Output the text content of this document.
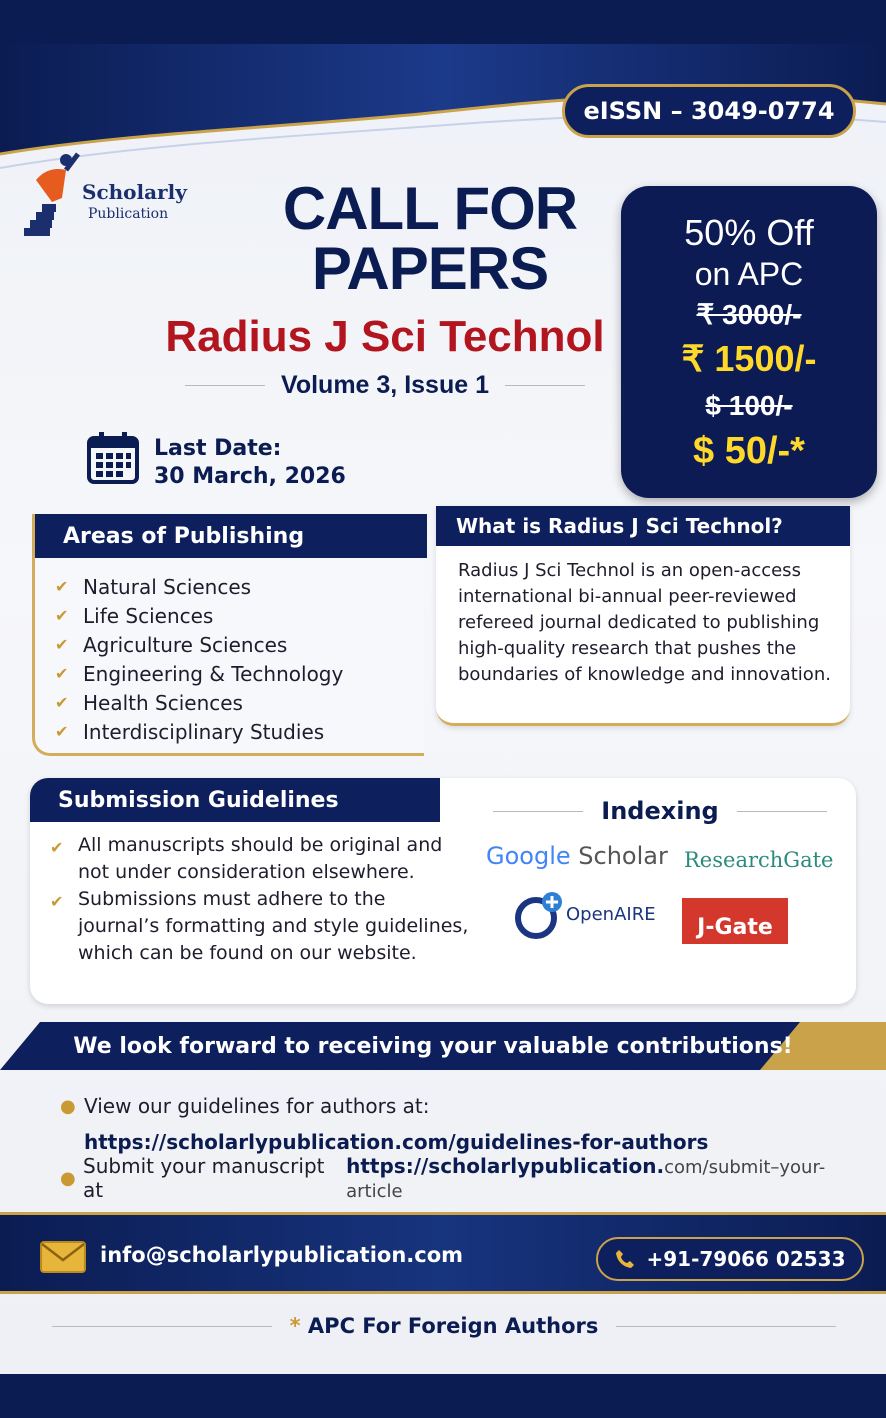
eISSN – 3049-0774
Scholarly
Publication	CALL FOR
PAPERS
Radius J Sci Technol
Volume 3, Issue 1
50% Off
on APC
₹ 3000/-
₹ 1500/-
$ 100/-
$ 50/-*
Last Date:
30 March, 2026
Areas of Publishing
✔ Natural Sciences
✔ Life Sciences
✔ Agriculture Sciences
✔ Engineering & Technology
✔ Health Sciences
✔ Interdisciplinary Studies
What is Radius J Sci Technol?
Radius J Sci Technol is an open-access international bi-annual peer-reviewed refereed journal dedicated to publishing high-quality research that pushes the boundaries of knowledge and innovation.
Submission Guidelines
✔ All manuscripts should be original and not under consideration elsewhere.
✔ Submissions must adhere to the journal’s formatting and style guidelines, which can be found on our website.
Indexing
Google Scholar ResearchGate
OpenAIRE
J-Gate
We look forward to receiving your valuable contributions!
● View our guidelines for authors at:
https://scholarlypublication.com/guidelines-for-authors
● Submit your manuscript at
https://scholarlypublication.com/submit–your-article
info@scholarlypublication.com	+91-79066 02533
* APC For Foreign Authors
